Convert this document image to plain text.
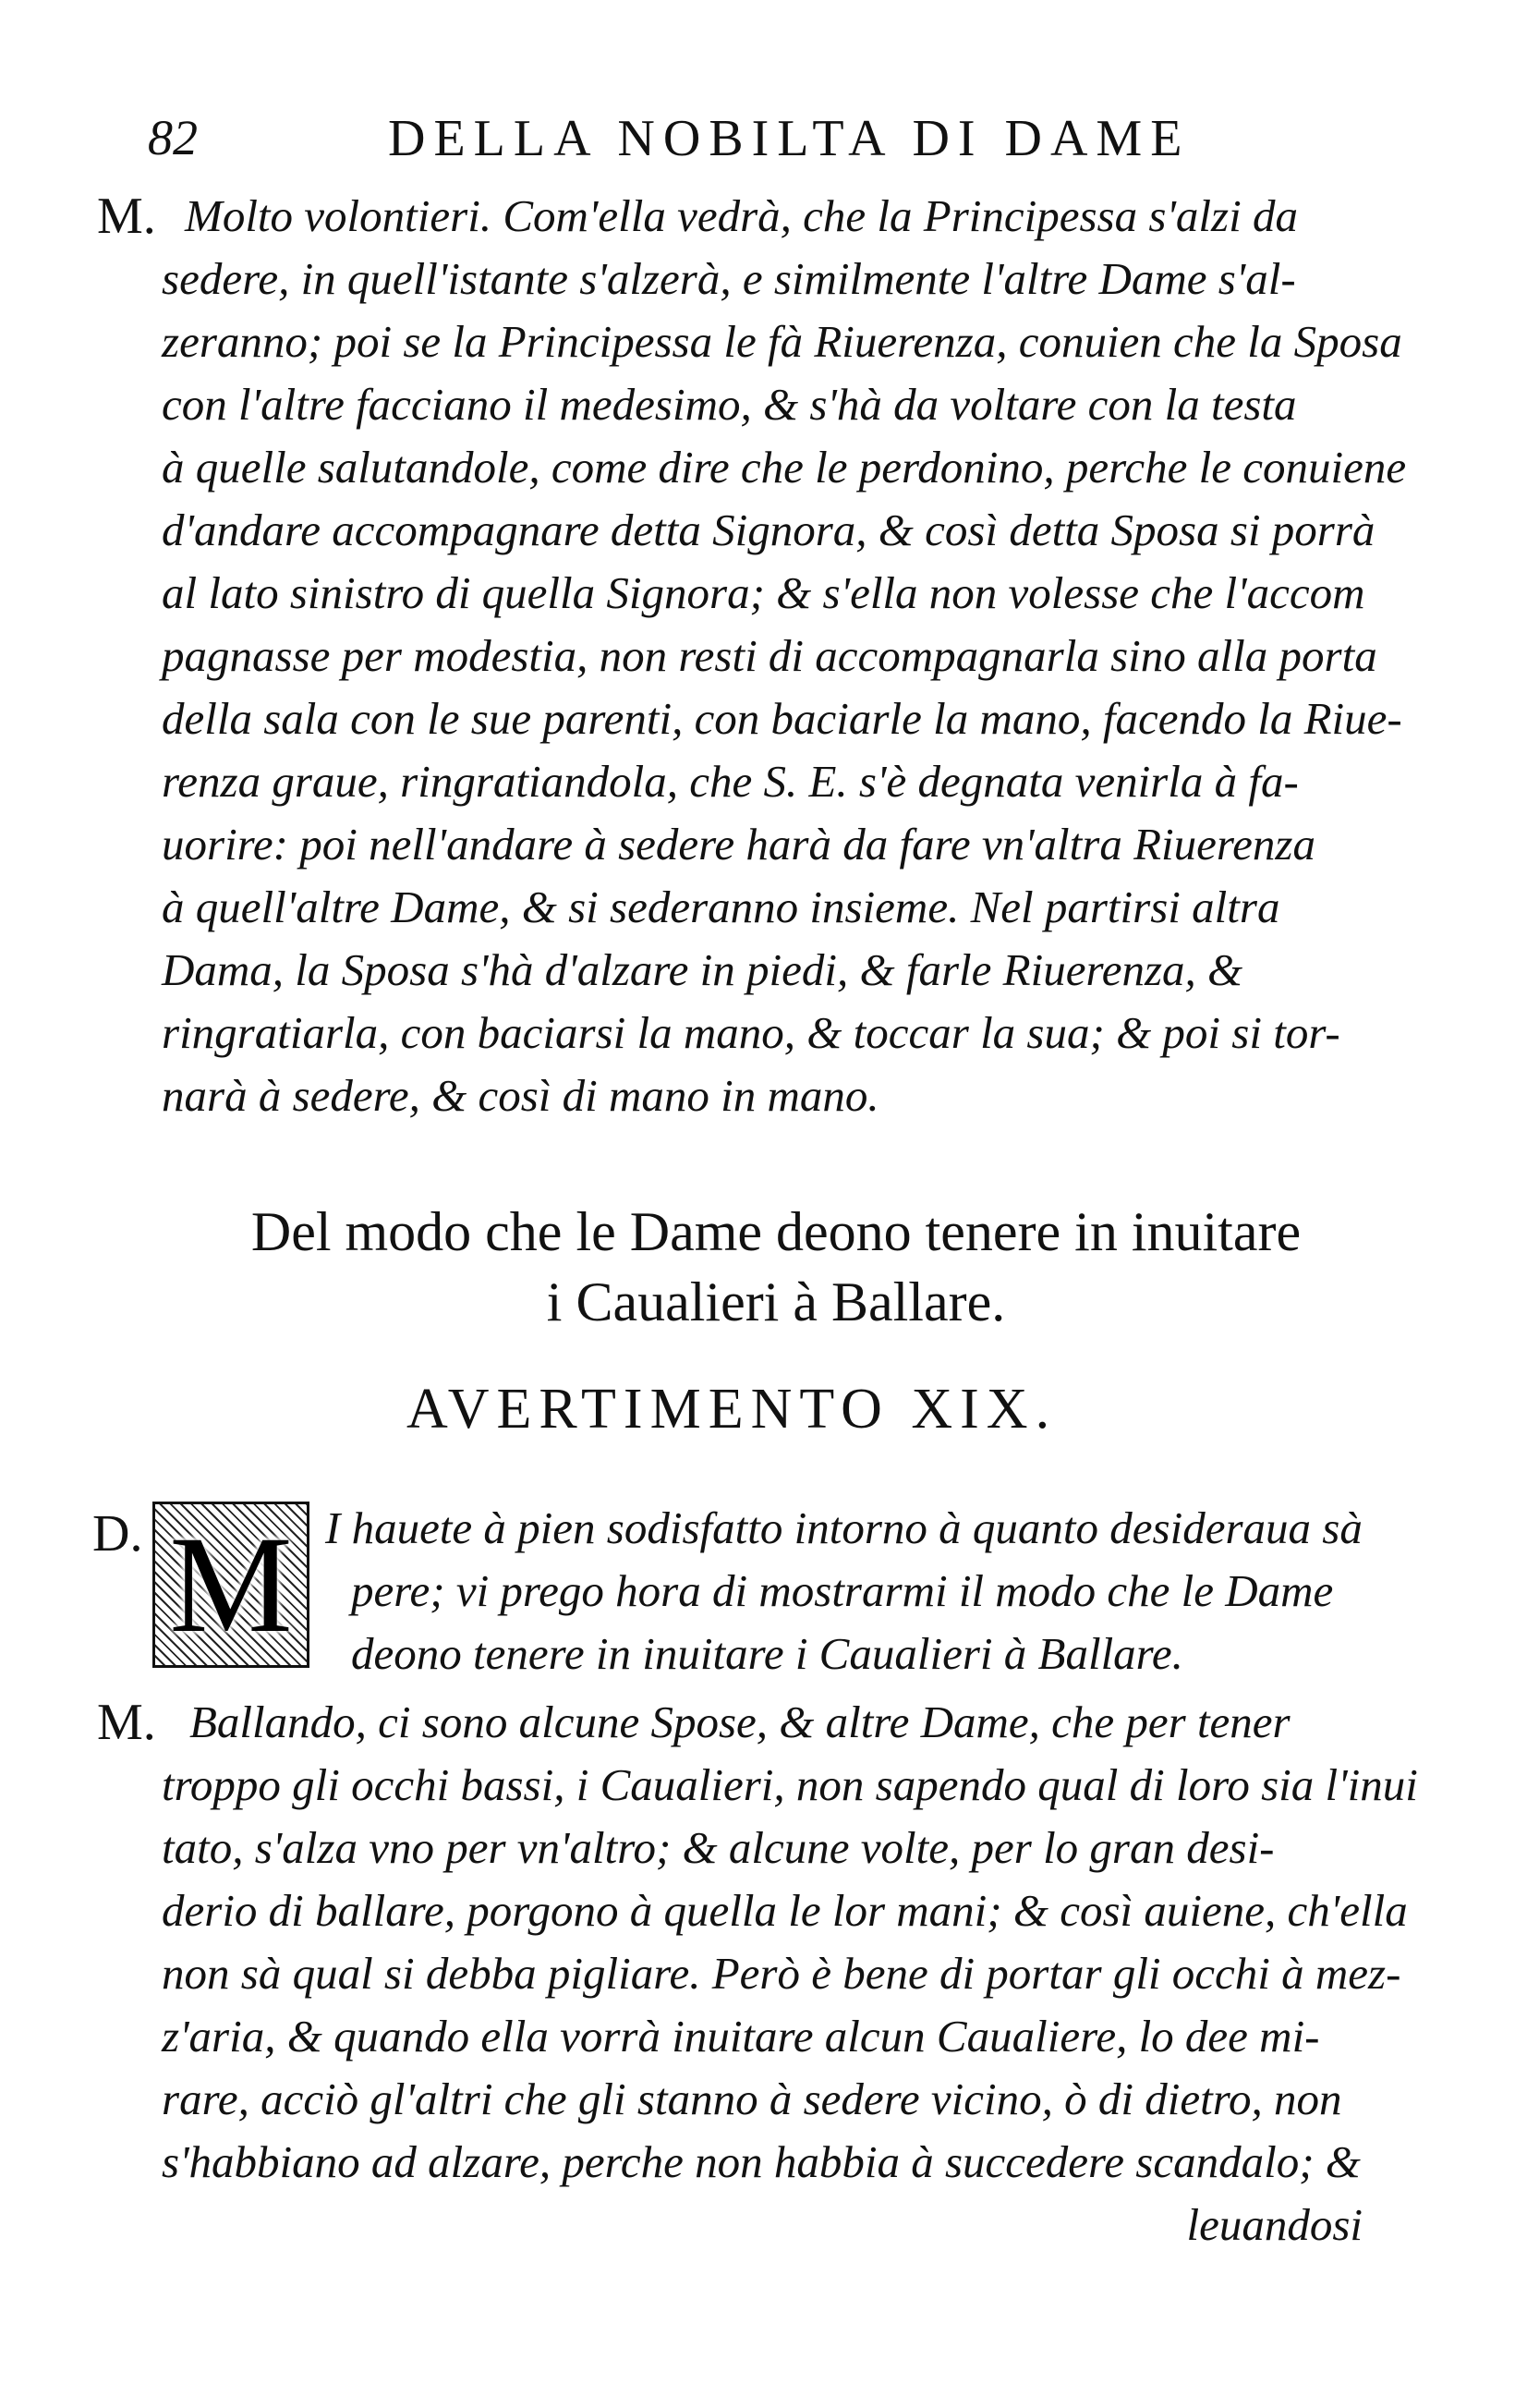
82	DELLA NOBILTA DI DAME
M. Molto volontieri. Com'ella vedrà, che la Principessa s'alzi da
sedere, in quell'istante s'alzerà, e similmente l'altre Dame s'al-
zeranno; poi se la Principessa le fà Riuerenza, conuien che la Sposa
con l'altre facciano il medesimo, & s'hà da voltare con la testa
à quelle salutandole, come dire che le perdonino, perche le conuiene
d'andare accompagnare detta Signora, & così detta Sposa si porrà
al lato sinistro di quella Signora; & s'ella non volesse che l'accom
pagnasse per modestia, non resti di accompagnarla sino alla porta
della sala con le sue parenti, con baciarle la mano, facendo la Riue-
renza graue, ringratiandola, che S. E. s'è degnata venirla à fa-
uorire: poi nell'andare à sedere harà da fare vn'altra Riuerenza
à quell'altre Dame, & si sederanno insieme. Nel partirsi altra
Dama, la Sposa s'hà d'alzare in piedi, & farle Riuerenza, &
ringratiarla, con baciarsi la mano, & toccar la sua; & poi si tor-
narà à sedere, & così di mano in mano.
Del modo che le Dame deono tenere in inuitare
i Caualieri à Ballare.
AVERTIMENTO XIX.
D. M I hauete à pien sodisfatto intorno à quanto desideraua sà
pere; vi prego hora di mostrarmi il modo che le Dame
deono tenere in inuitare i Caualieri à Ballare.
M. Ballando, ci sono alcune Spose, & altre Dame, che per tener
troppo gli occhi bassi, i Caualieri, non sapendo qual di loro sia l'inui
tato, s'alza vno per vn'altro; & alcune volte, per lo gran desi-
derio di ballare, porgono à quella le lor mani; & così auiene, ch'ella
non sà qual si debba pigliare. Però è bene di portar gli occhi à mez-
z'aria, & quando ella vorrà inuitare alcun Caualiere, lo dee mi-
rare, acciò gl'altri che gli stanno à sedere vicino, ò di dietro, non
s'habbiano ad alzare, perche non habbia à succedere scandalo; &
leuandosi
